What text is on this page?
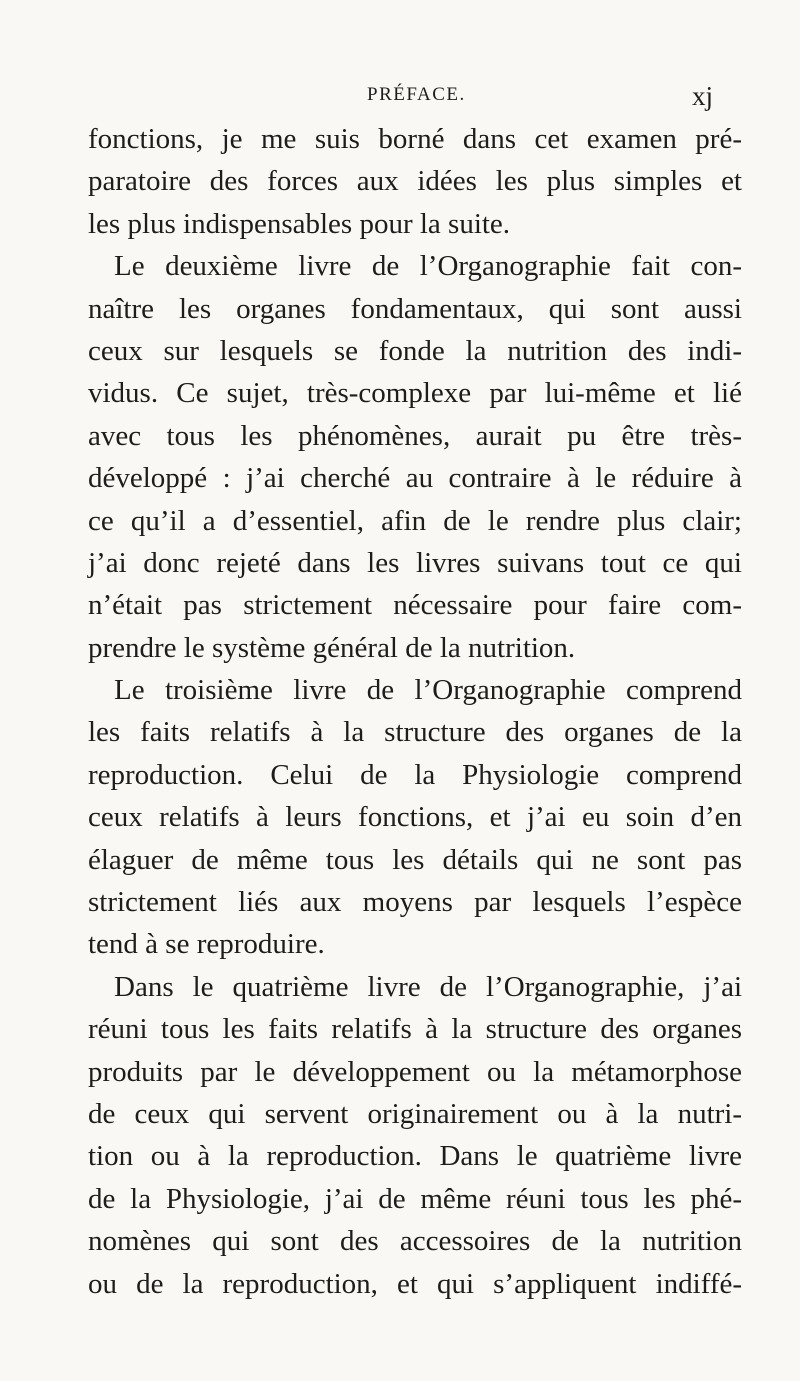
PRÉFACE.	xj
fonctions, je me suis borné dans cet examen pré-
paratoire des forces aux idées les plus simples et
les plus indispensables pour la suite.
Le deuxième livre de l’Organographie fait con-
naître les organes fondamentaux, qui sont aussi
ceux sur lesquels se fonde la nutrition des indi-
vidus. Ce sujet, très-complexe par lui-même et lié
avec tous les phénomènes, aurait pu être très-
développé : j’ai cherché au contraire à le réduire à
ce qu’il a d’essentiel, afin de le rendre plus clair;
j’ai donc rejeté dans les livres suivans tout ce qui
n’était pas strictement nécessaire pour faire com-
prendre le système général de la nutrition.
Le troisième livre de l’Organographie comprend
les faits relatifs à la structure des organes de la
reproduction. Celui de la Physiologie comprend
ceux relatifs à leurs fonctions, et j’ai eu soin d’en
élaguer de même tous les détails qui ne sont pas
strictement liés aux moyens par lesquels l’espèce
tend à se reproduire.
Dans le quatrième livre de l’Organographie, j’ai
réuni tous les faits relatifs à la structure des organes
produits par le développement ou la métamorphose
de ceux qui servent originairement ou à la nutri-
tion ou à la reproduction. Dans le quatrième livre
de la Physiologie, j’ai de même réuni tous les phé-
nomènes qui sont des accessoires de la nutrition
ou de la reproduction, et qui s’appliquent indiffé-
